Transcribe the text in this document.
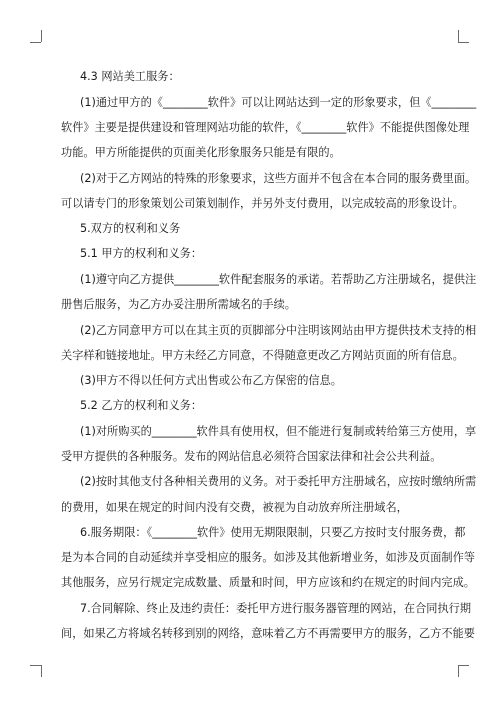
4.3 网站美工服务：
(1)通过甲方的《________软件》可以让网站达到一定的形象要求，但《________
软件》主要是提供建设和管理网站功能的软件，《________软件》不能提供图像处理
功能。甲方所能提供的页面美化形象服务只能是有限的。
(2)对于乙方网站的特殊的形象要求，这些方面并不包含在本合同的服务费里面。
可以请专门的形象策划公司策划制作，并另外支付费用，以完成较高的形象设计。
5.双方的权利和义务
5.1 甲方的权利和义务：
(1)遵守向乙方提供________软件配套服务的承诺。若帮助乙方注册域名，提供注
册售后服务，为乙方办妥注册所需域名的手续。
(2)乙方同意甲方可以在其主页的页脚部分中注明该网站由甲方提供技术支持的相
关字样和链接地址。甲方未经乙方同意，不得随意更改乙方网站页面的所有信息。
(3)甲方不得以任何方式出售或公布乙方保密的信息。
5.2 乙方的权利和义务：
(1)对所购买的________软件具有使用权，但不能进行复制或转给第三方使用，享
受甲方提供的各种服务。发布的网站信息必须符合国家法律和社会公共利益。
(2)按时其他支付各种相关费用的义务。对于委托甲方注册域名，应按时缴纳所需
的费用，如果在规定的时间内没有交费，被视为自动放弃所注册域名，
6.服务期限：《________软件》使用无期限限制，只要乙方按时支付服务费，都
是为本合同的自动延续并享受相应的服务。如涉及其他新增业务，如涉及页面制作等
其他服务，应另行规定完成数量、质量和时间，甲方应该和约在规定的时间内完成。
7.合同解除、终止及违约责任：委托甲方进行服务器管理的网站，在合同执行期
间，如果乙方将域名转移到别的网络，意味着乙方不再需要甲方的服务，乙方不能要
